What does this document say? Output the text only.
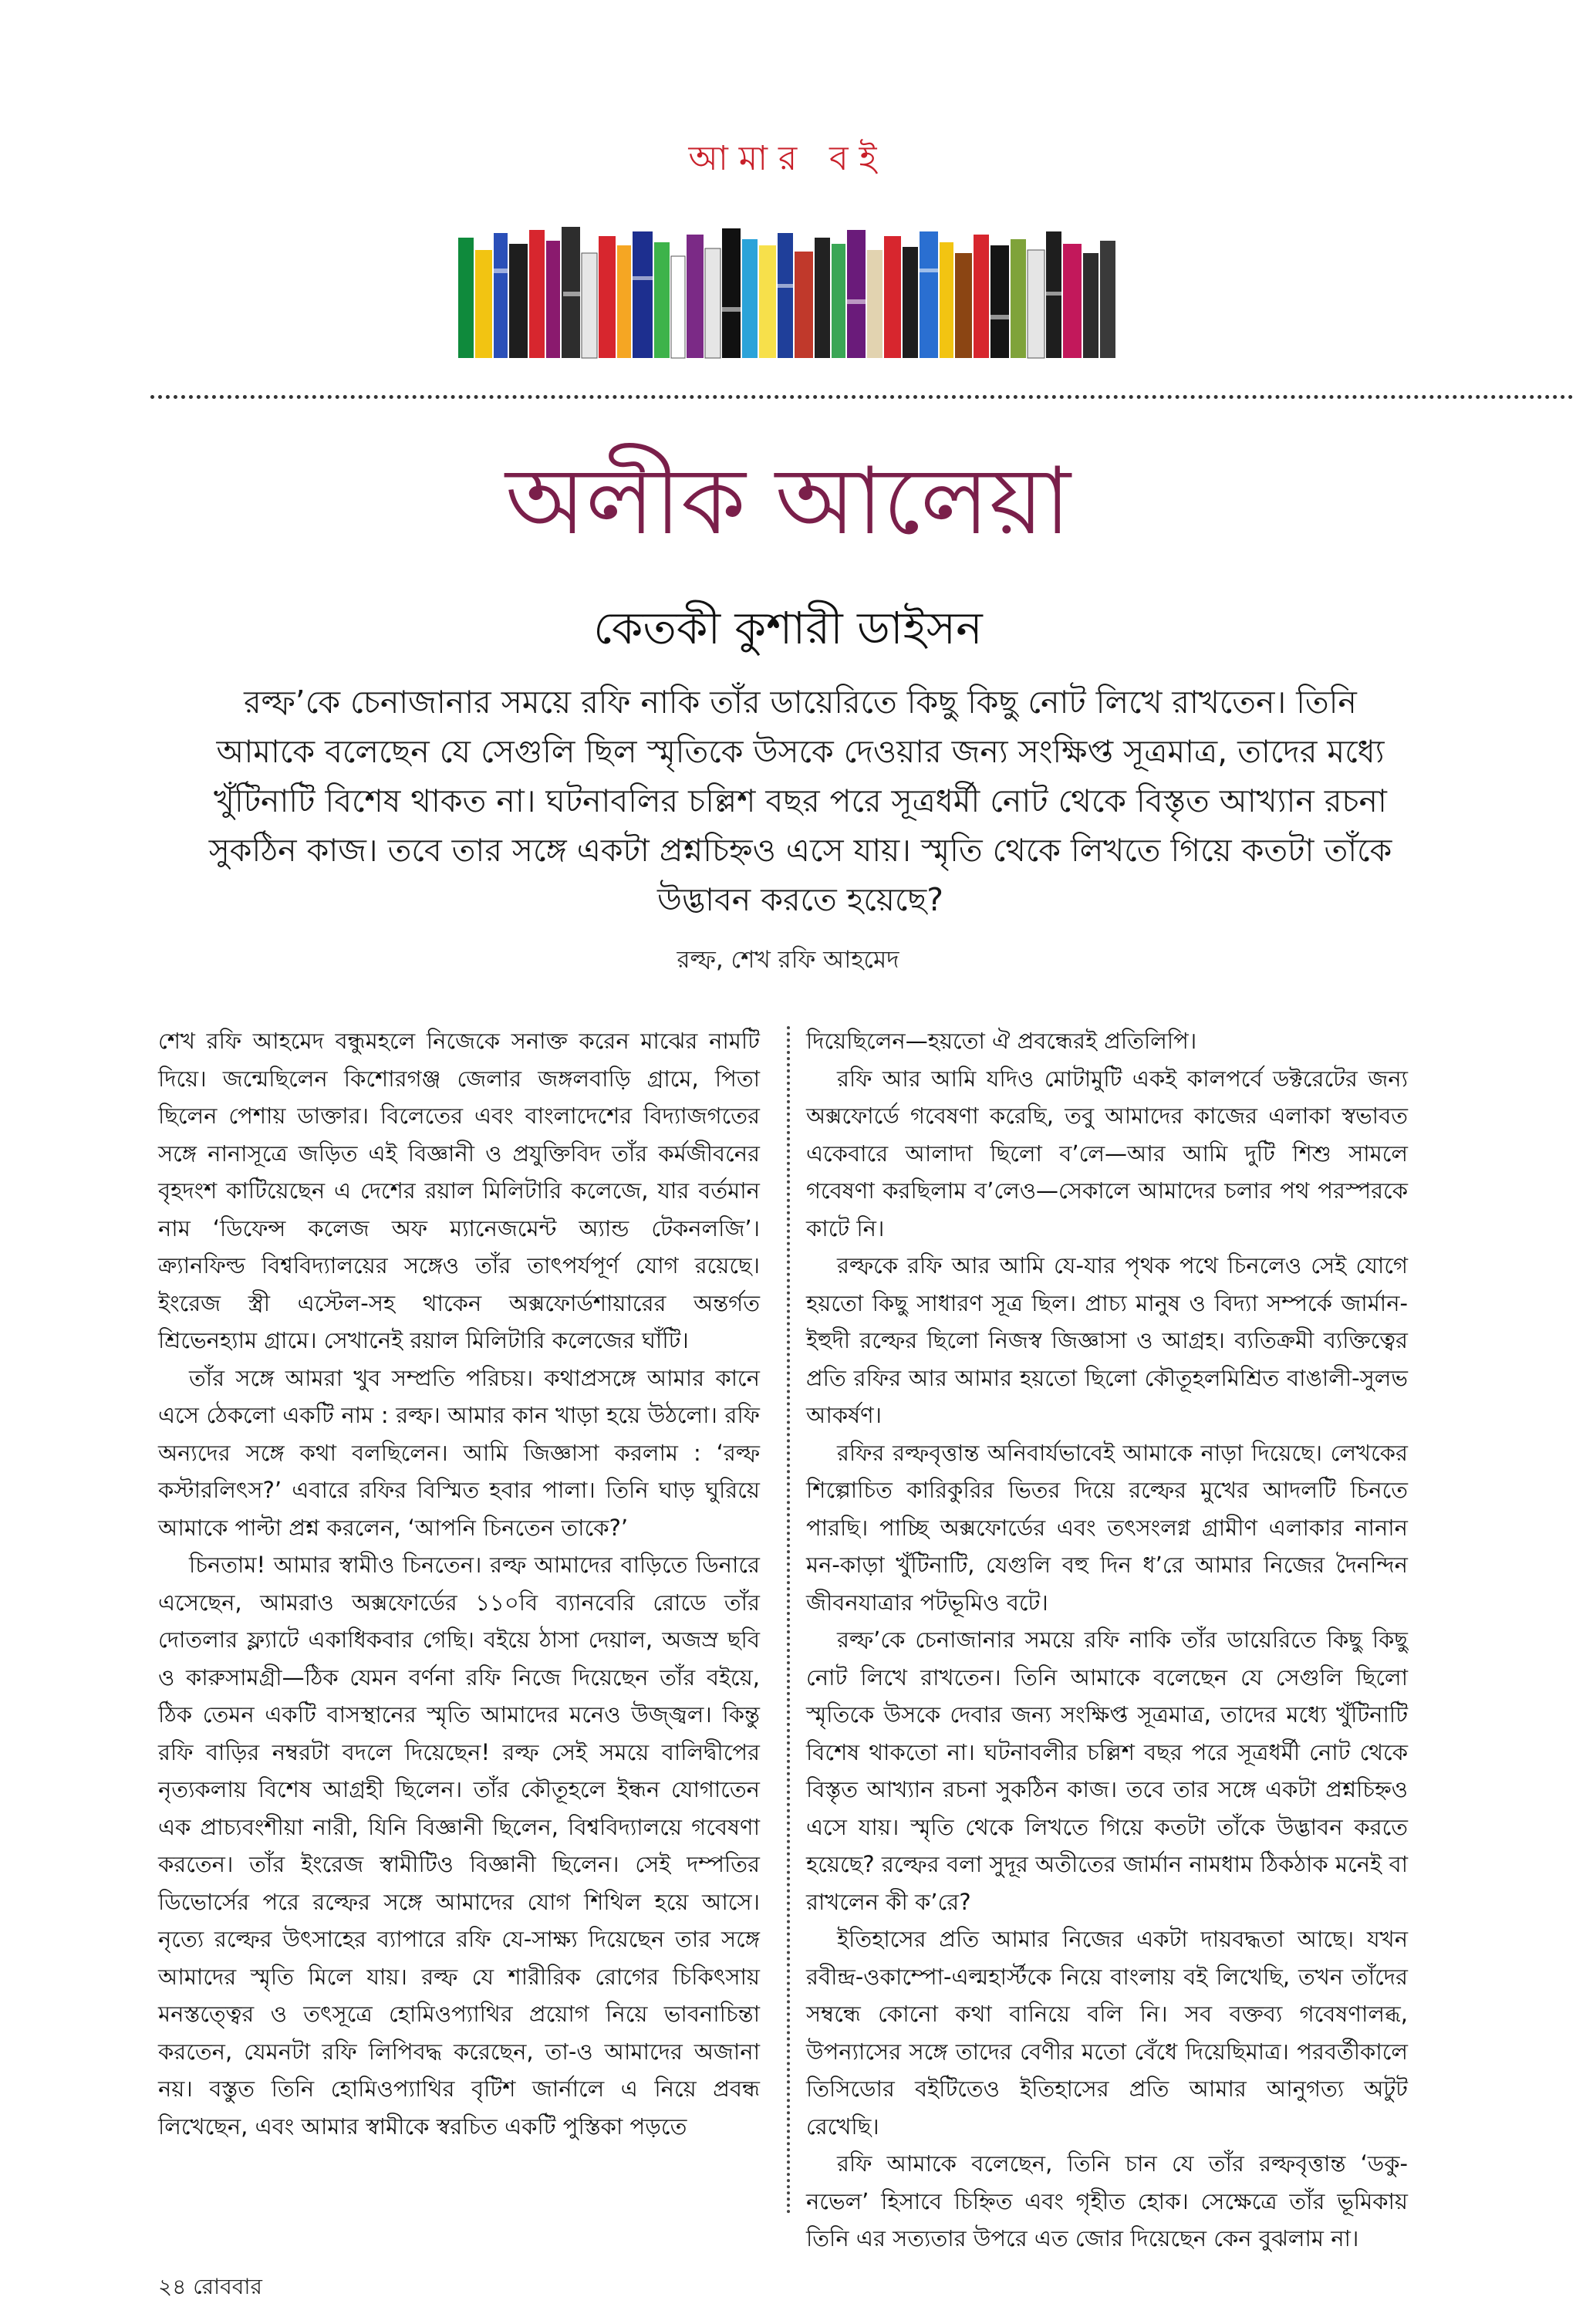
আমার বই
অলীক আলেয়া
কেতকী কুশারী ডাইসন
রল্ফ’কে চেনাজানার সময়ে রফি নাকি তাঁর ডায়েরিতে কিছু কিছু নোট লিখে রাখতেন। তিনি আমাকে বলেছেন যে সেগুলি ছিল স্মৃতিকে উসকে দেওয়ার জন্য সংক্ষিপ্ত সূত্রমাত্র, তাদের মধ্যে খুঁটিনাটি বিশেষ থাকত না। ঘটনাবলির চল্লিশ বছর পরে সূত্রধর্মী নোট থেকে বিস্তৃত আখ্যান রচনা সুকঠিন কাজ। তবে তার সঙ্গে একটা প্রশ্নচিহ্নও এসে যায়। স্মৃতি থেকে লিখতে গিয়ে কতটা তাঁকে উদ্ভাবন করতে হয়েছে?
রল্ফ, শেখ রফি আহমেদ

শেখ রফি আহমেদ বন্ধুমহলে নিজেকে সনাক্ত করেন মাঝের নামটি দিয়ে। জন্মেছিলেন কিশোরগঞ্জ জেলার জঙ্গলবাড়ি গ্রামে, পিতা ছিলেন পেশায় ডাক্তার। বিলেতের এবং বাংলাদেশের বিদ্যাজগতের সঙ্গে নানাসূত্রে জড়িত এই বিজ্ঞানী ও প্রযুক্তিবিদ তাঁর কর্মজীবনের বৃহদংশ কাটিয়েছেন এ দেশের রয়াল মিলিটারি কলেজে, যার বর্তমান নাম ‘ডিফেন্স কলেজ অফ ম্যানেজমেন্ট অ্যান্ড টেকনলজি’। ক্র্যানফিল্ড বিশ্ববিদ্যালয়ের সঙ্গেও তাঁর তাৎপর্যপূর্ণ যোগ রয়েছে। ইংরেজ স্ত্রী এস্টেল-সহ থাকেন অক্সফোর্ডশায়ারের অন্তর্গত শ্রিভেনহ্যাম গ্রামে। সেখানেই রয়াল মিলিটারি কলেজের ঘাঁটি।

তাঁর সঙ্গে আমরা খুব সম্প্রতি পরিচয়। কথাপ্রসঙ্গে আমার কানে এসে ঠেকলো একটি নাম : রল্ফ। আমার কান খাড়া হয়ে উঠলো। রফি অন্যদের সঙ্গে কথা বলছিলেন। আমি জিজ্ঞাসা করলাম : ‘রল্ফ কস্টারলিৎস?’ এবারে রফির বিস্মিত হবার পালা। তিনি ঘাড় ঘুরিয়ে আমাকে পাল্টা প্রশ্ন করলেন, ‘আপনি চিনতেন তাকে?’

চিনতাম! আমার স্বামীও চিনতেন। রল্ফ আমাদের বাড়িতে ডিনারে এসেছেন, আমরাও অক্সফোর্ডের ১১০বি ব্যানবেরি রোডে তাঁর দোতলার ফ্ল্যাটে একাধিকবার গেছি। বইয়ে ঠাসা দেয়াল, অজস্র ছবি ও কারুসামগ্রী—ঠিক যেমন বর্ণনা রফি নিজে দিয়েছেন তাঁর বইয়ে, ঠিক তেমন একটি বাসস্থানের স্মৃতি আমাদের মনেও উজ্জ্বল। কিন্তু রফি বাড়ির নম্বরটা বদলে দিয়েছেন! রল্ফ সেই সময়ে বালিদ্বীপের নৃত্যকলায় বিশেষ আগ্রহী ছিলেন। তাঁর কৌতূহলে ইন্ধন যোগাতেন এক প্রাচ্যবংশীয়া নারী, যিনি বিজ্ঞানী ছিলেন, বিশ্ববিদ্যালয়ে গবেষণা করতেন। তাঁর ইংরেজ স্বামীটিও বিজ্ঞানী ছিলেন। সেই দম্পতির ডিভোর্সের পরে রল্ফের সঙ্গে আমাদের যোগ শিথিল হয়ে আসে। নৃত্যে রল্ফের উৎসাহের ব্যাপারে রফি যে-সাক্ষ্য দিয়েছেন তার সঙ্গে আমাদের স্মৃতি মিলে যায়। রল্ফ যে শারীরিক রোগের চিকিৎসায় মনস্তত্ত্বের ও তৎসূত্রে হোমিওপ্যাথির প্রয়োগ নিয়ে ভাবনাচিন্তা করতেন, যেমনটা রফি লিপিবদ্ধ করেছেন, তা-ও আমাদের অজানা নয়। বস্তুত তিনি হোমিওপ্যাথির বৃটিশ জার্নালে এ নিয়ে প্রবন্ধ লিখেছেন, এবং আমার স্বামীকে স্বরচিত একটি পুস্তিকা পড়তে

দিয়েছিলেন—হয়তো ঐ প্রবন্ধেরই প্রতিলিপি।

রফি আর আমি যদিও মোটামুটি একই কালপর্বে ডক্টরেটের জন্য অক্সফোর্ডে গবেষণা করেছি, তবু আমাদের কাজের এলাকা স্বভাবত একেবারে আলাদা ছিলো ব’লে—আর আমি দুটি শিশু সামলে গবেষণা করছিলাম ব’লেও—সেকালে আমাদের চলার পথ পরস্পরকে কাটে নি।

রল্ফকে রফি আর আমি যে-যার পৃথক পথে চিনলেও সেই যোগে হয়তো কিছু সাধারণ সূত্র ছিল। প্রাচ্য মানুষ ও বিদ্যা সম্পর্কে জার্মান-ইহুদী রল্ফের ছিলো নিজস্ব জিজ্ঞাসা ও আগ্রহ। ব্যতিক্রমী ব্যক্তিত্বের প্রতি রফির আর আমার হয়তো ছিলো কৌতূহলমিশ্রিত বাঙালী-সুলভ আকর্ষণ।

রফির রল্ফবৃত্তান্ত অনিবার্যভাবেই আমাকে নাড়া দিয়েছে। লেখকের শিল্পোচিত কারিকুরির ভিতর দিয়ে রল্ফের মুখের আদলটি চিনতে পারছি। পাচ্ছি অক্সফোর্ডের এবং তৎসংলগ্ন গ্রামীণ এলাকার নানান মন-কাড়া খুঁটিনাটি, যেগুলি বহু দিন ধ’রে আমার নিজের দৈনন্দিন জীবনযাত্রার পটভূমিও বটে।

রল্ফ’কে চেনাজানার সময়ে রফি নাকি তাঁর ডায়েরিতে কিছু কিছু নোট লিখে রাখতেন। তিনি আমাকে বলেছেন যে সেগুলি ছিলো স্মৃতিকে উসকে দেবার জন্য সংক্ষিপ্ত সূত্রমাত্র, তাদের মধ্যে খুঁটিনাটি বিশেষ থাকতো না। ঘটনাবলীর চল্লিশ বছর পরে সূত্রধর্মী নোট থেকে বিস্তৃত আখ্যান রচনা সুকঠিন কাজ। তবে তার সঙ্গে একটা প্রশ্নচিহ্নও এসে যায়। স্মৃতি থেকে লিখতে গিয়ে কতটা তাঁকে উদ্ভাবন করতে হয়েছে? রল্ফের বলা সুদূর অতীতের জার্মান নামধাম ঠিকঠাক মনেই বা রাখলেন কী ক’রে?

ইতিহাসের প্রতি আমার নিজের একটা দায়বদ্ধতা আছে। যখন রবীন্দ্র-ওকাম্পো-এল্মহার্স্টকে নিয়ে বাংলায় বই লিখেছি, তখন তাঁদের সম্বন্ধে কোনো কথা বানিয়ে বলি নি। সব বক্তব্য গবেষণালব্ধ, উপন্যাসের সঙ্গে তাদের বেণীর মতো বেঁধে দিয়েছিমাত্র। পরবর্তীকালে তিসিডোর বইটিতেও ইতিহাসের প্রতি আমার আনুগত্য অটুট রেখেছি।

রফি আমাকে বলেছেন, তিনি চান যে তাঁর রল্ফবৃত্তান্ত ‘ডকু-নভেল’ হিসাবে চিহ্নিত এবং গৃহীত হোক। সেক্ষেত্রে তাঁর ভূমিকায় তিনি এর সত্যতার উপরে এত জোর দিয়েছেন কেন বুঝলাম না।

২৪ রোববার
